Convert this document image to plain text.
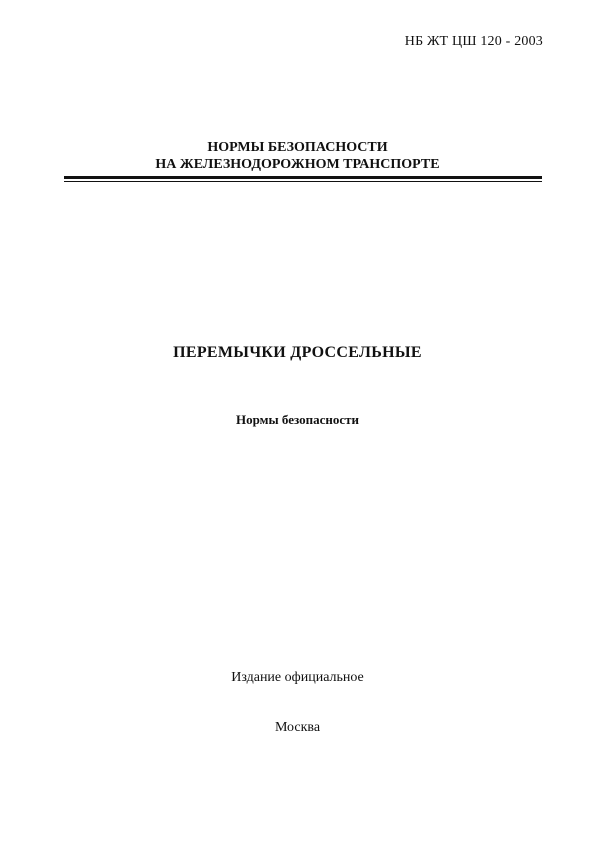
НБ ЖТ ЦШ 120 - 2003
НОРМЫ БЕЗОПАСНОСТИ
НА ЖЕЛЕЗНОДОРОЖНОМ ТРАНСПОРТЕ
ПЕРЕМЫЧКИ ДРОССЕЛЬНЫЕ
Нормы безопасности
Издание официальное
Москва
